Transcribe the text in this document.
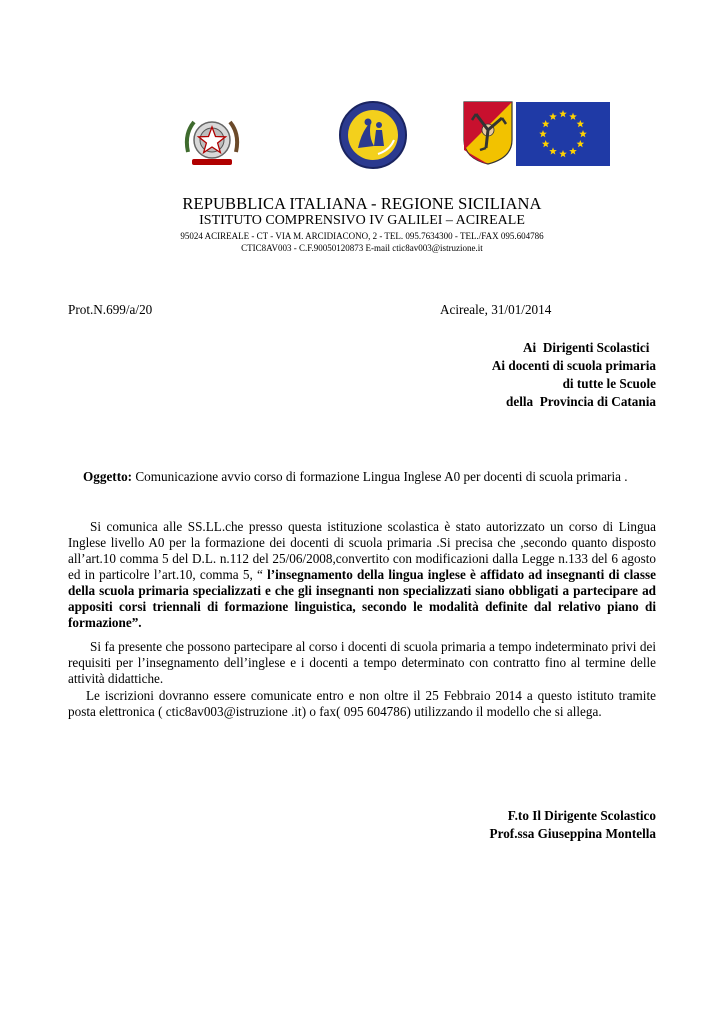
REPUBBLICA ITALIANA - REGIONE SICILIANA
ISTITUTO COMPRENSIVO IV GALILEI – ACIREALE
95024 ACIREALE - CT - VIA M. ARCIDIACONO, 2 - TEL. 095.7634300 - TEL./FAX 095.604786
CTIC8AV003 - C.F.90050120873 E-mail ctic8av003@istruzione.it
Prot.N.699/a/20	Acireale, 31/01/2014
Ai  Dirigenti Scolastici
Ai docenti di scuola primaria
di tutte le Scuole
della  Provincia di Catania
Oggetto: Comunicazione avvio corso di formazione Lingua Inglese A0 per docenti di scuola primaria .
Si comunica alle SS.LL.che presso questa istituzione scolastica è stato autorizzato un corso di Lingua Inglese livello A0 per la formazione dei docenti di scuola primaria .Si precisa che ,secondo quanto disposto all’art.10 comma 5 del D.L. n.112 del 25/06/2008,convertito con modificazioni dalla Legge n.133 del 6 agosto ed in particolre l’art.10, comma 5, “ l’insegnamento della lingua inglese è affidato ad insegnanti di classe della scuola primaria specializzati e che gli insegnanti non specializzati siano obbligati a partecipare ad appositi corsi triennali di formazione linguistica, secondo le modalità definite dal relativo piano di formazione”.
Si fa presente che possono partecipare al corso i docenti di scuola primaria a tempo indeterminato privi dei requisiti per l’insegnamento dell’inglese e i docenti a tempo determinato con contratto fino al termine delle attività didattiche.
Le iscrizioni dovranno essere comunicate entro e non oltre il 25 Febbraio 2014 a questo istituto tramite posta elettronica ( ctic8av003@istruzione .it) o fax( 095 604786) utilizzando il modello che si allega.
F.to Il Dirigente Scolastico
Prof.ssa Giuseppina Montella
